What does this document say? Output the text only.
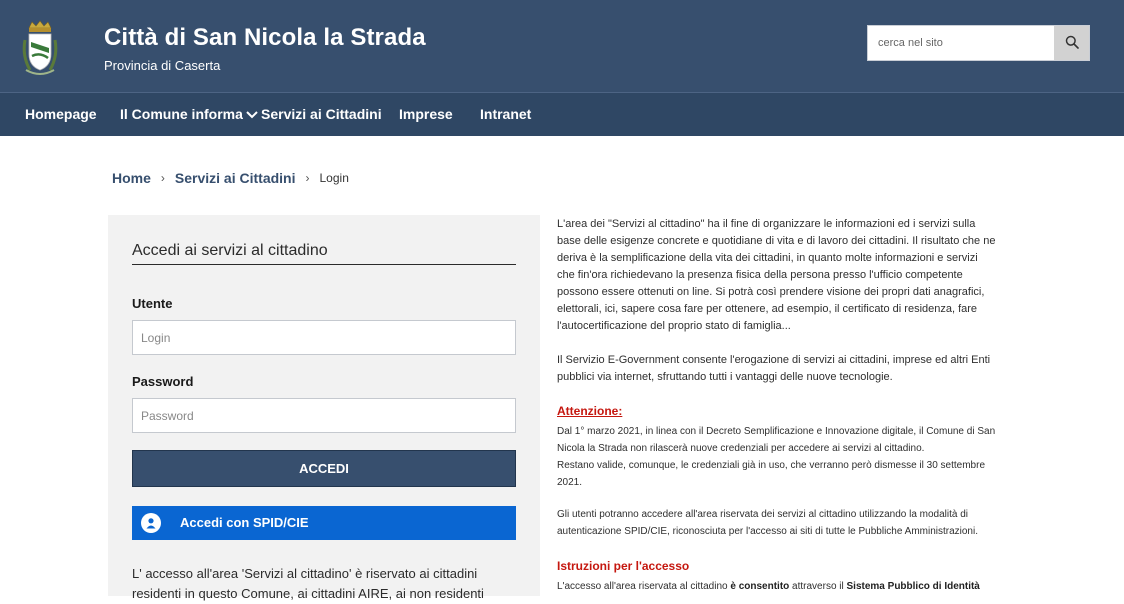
Città di San Nicola la Strada
Provincia di Caserta
cerca nel sito
Homepage Il Comune informa	Servizi ai Cittadini Imprese Intranet
Home › Servizi ai Cittadini › Login
Accedi ai servizi al cittadino
Utente
Login
Password
ACCEDI
Accedi con SPID/CIE
L' accesso all'area 'Servizi al cittadino' è riservato ai cittadini residenti in questo Comune, ai cittadini AIRE, ai non residenti

L'area dei "Servizi al cittadino" ha il fine di organizzare le informazioni ed i servizi sulla base delle esigenze concrete e quotidiane di vita e di lavoro dei cittadini. Il risultato che ne deriva è la semplificazione della vita dei cittadini, in quanto molte informazioni e servizi che fin'ora richiedevano la presenza fisica della persona presso l'ufficio competente possono essere ottenuti on line. Si potrà così prendere visione dei propri dati anagrafici, elettorali, ici, sapere cosa fare per ottenere, ad esempio, il certificato di residenza, fare l'autocertificazione del proprio stato di famiglia...

Il Servizio E-Government consente l'erogazione di servizi ai cittadini, imprese ed altri Enti pubblici via internet, sfruttando tutti i vantaggi delle nuove tecnologie.

Attenzione:
Dal 1° marzo 2021, in linea con il Decreto Semplificazione e Innovazione digitale, il Comune di San Nicola la Strada non rilascerà nuove credenziali per accedere ai servizi al cittadino.
Restano valide, comunque, le credenziali già in uso, che verranno però dismesse il 30 settembre 2021.
Gli utenti potranno accedere all'area riservata dei servizi al cittadino utilizzando la modalità di autenticazione SPID/CIE, riconosciuta per l'accesso ai siti di tutte le Pubbliche Amministrazioni.
Istruzioni per l'accesso
L'accesso all'area riservata al cittadino è consentito attraverso il Sistema Pubblico di Identità
